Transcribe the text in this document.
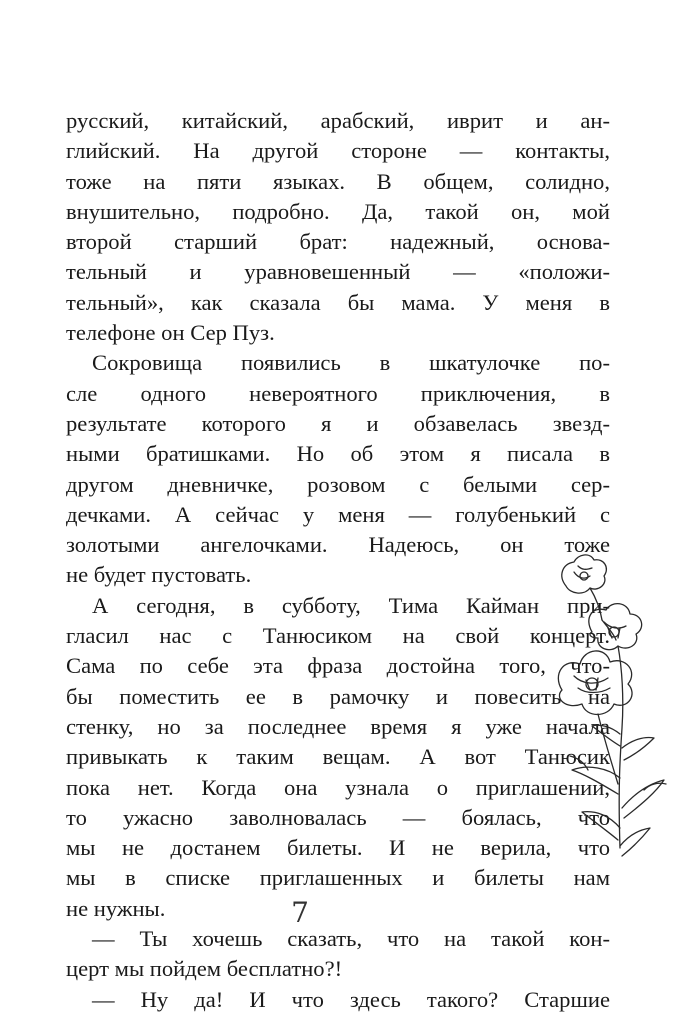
русский, китайский, арабский, иврит и ан-
глийский. На другой стороне — контакты,
тоже на пяти языках. В общем, солидно,
внушительно, подробно. Да, такой он, мой
второй старший брат: надежный, основа-
тельный и уравновешенный — «положи-
тельный», как сказала бы мама. У меня в
телефоне он Сер Пуз.
Сокровища появились в шкатулочке по-
сле одного невероятного приключения, в
результате которого я и обзавелась звезд-
ными братишками. Но об этом я писала в
другом дневничке, розовом с белыми сер-
дечками. А сейчас у меня — голубенький с
золотыми ангелочками. Надеюсь, он тоже
не будет пустовать.
А сегодня, в субботу, Тима Кайман при-
гласил нас с Танюсиком на свой концерт.
Сама по себе эта фраза достойна того, что-
бы поместить ее в рамочку и повесить на
стенку, но за последнее время я уже начала
привыкать к таким вещам. А вот Танюсик
пока нет. Когда она узнала о приглашении,
то ужасно заволновалась — боялась, что
мы не достанем билеты. И не верила, что
мы в списке приглашенных и билеты нам
не нужны.
— Ты хочешь сказать, что на такой кон-
церт мы пойдем бесплатно?!
— Ну да! И что здесь такого? Старшие
7
